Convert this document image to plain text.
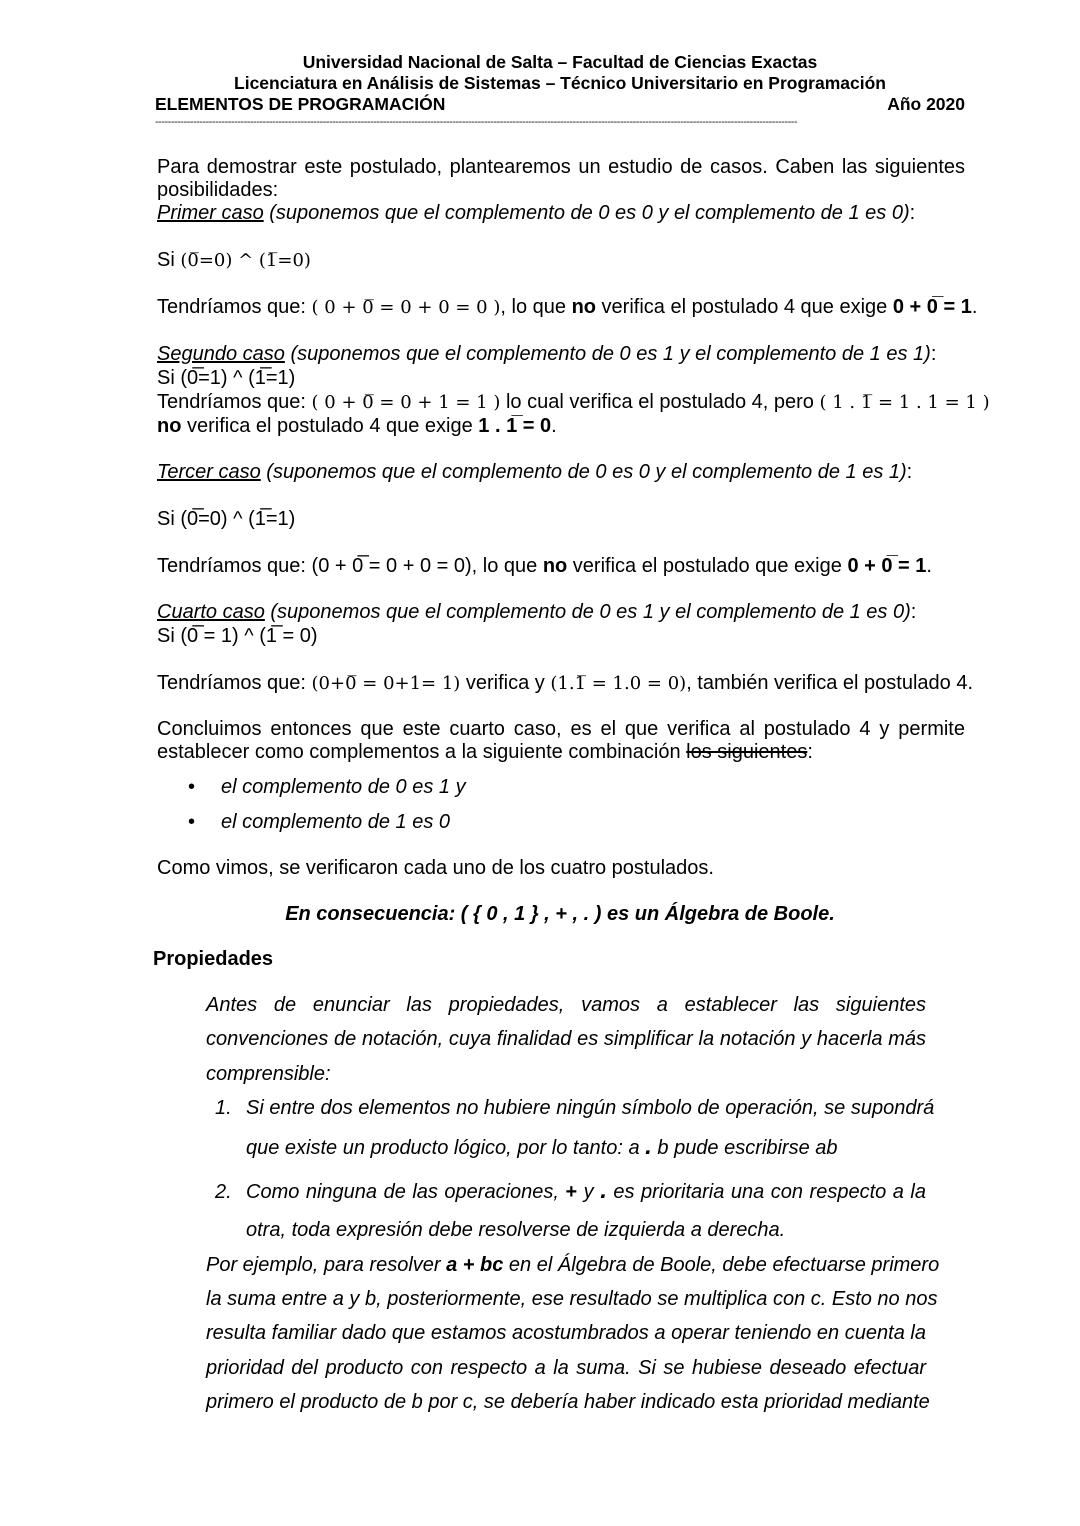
Universidad Nacional de Salta – Facultad de Ciencias Exactas
Licenciatura en Análisis de Sistemas – Técnico Universitario en Programación
ELEMENTOS DE PROGRAMACIÓN	Año 2020
-----------------------------------------------------------------------------------------------------------------------------------------------------------------------------------------------------------
Para demostrar este postulado, plantearemos un estudio de casos. Caben las siguientes
posibilidades:
Primer caso (suponemos que el complemento de 0 es 0 y el complemento de 1 es 0):
Si (0̅=0) ^ (1̅=0)
Tendríamos que: ( 0 + 0̅ = 0 + 0 = 0 ), lo que no verifica el postulado 4 que exige 0 + 0̅ = 1.
Segundo caso (suponemos que el complemento de 0 es 1 y el complemento de 1 es 1):
Si (0̅=1) ^ (1̅=1)
Tendríamos que: ( 0 + 0̅ = 0 + 1 = 1 ) lo cual verifica el postulado 4, pero ( 1 . 1̅ = 1 . 1 = 1 )
no verifica el postulado 4 que exige 1 . 1̅ = 0.
Tercer caso (suponemos que el complemento de 0 es 0 y el complemento de 1 es 1):
Si (0̅=0) ^ (1̅=1)
Tendríamos que: (0 + 0̅ = 0 + 0 = 0), lo que no verifica el postulado que exige 0 + 0̅ = 1.
Cuarto caso (suponemos que el complemento de 0 es 1 y el complemento de 1 es 0):
Si (0̅ = 1) ^ (1̅ = 0)
Tendríamos que: (0+0̅ = 0+1= 1) verifica y (1.1̅ = 1.0 = 0), también verifica el postulado 4.
Concluimos entonces que este cuarto caso, es el que verifica al postulado 4 y permite
establecer como complementos a la siguiente combinación los siguientes:
• el complemento de 0 es 1 y
• el complemento de 1 es 0
Como vimos, se verificaron cada uno de los cuatro postulados.
En consecuencia: ( { 0 , 1 } , + , . ) es un Álgebra de Boole.
Propiedades
Antes de enunciar las propiedades, vamos a establecer las siguientes
convenciones de notación, cuya finalidad es simplificar la notación y hacerla más
comprensible:
1. Si entre dos elementos no hubiere ningún símbolo de operación, se supondrá
que existe un producto lógico, por lo tanto: a . b pude escribirse ab
2. Como ninguna de las operaciones, + y . es prioritaria una con respecto a la
otra, toda expresión debe resolverse de izquierda a derecha.
Por ejemplo, para resolver a + bc en el Álgebra de Boole, debe efectuarse primero
la suma entre a y b, posteriormente, ese resultado se multiplica con c. Esto no nos
resulta familiar dado que estamos acostumbrados a operar teniendo en cuenta la
prioridad del producto con respecto a la suma. Si se hubiese deseado efectuar
primero el producto de b por c, se debería haber indicado esta prioridad mediante
